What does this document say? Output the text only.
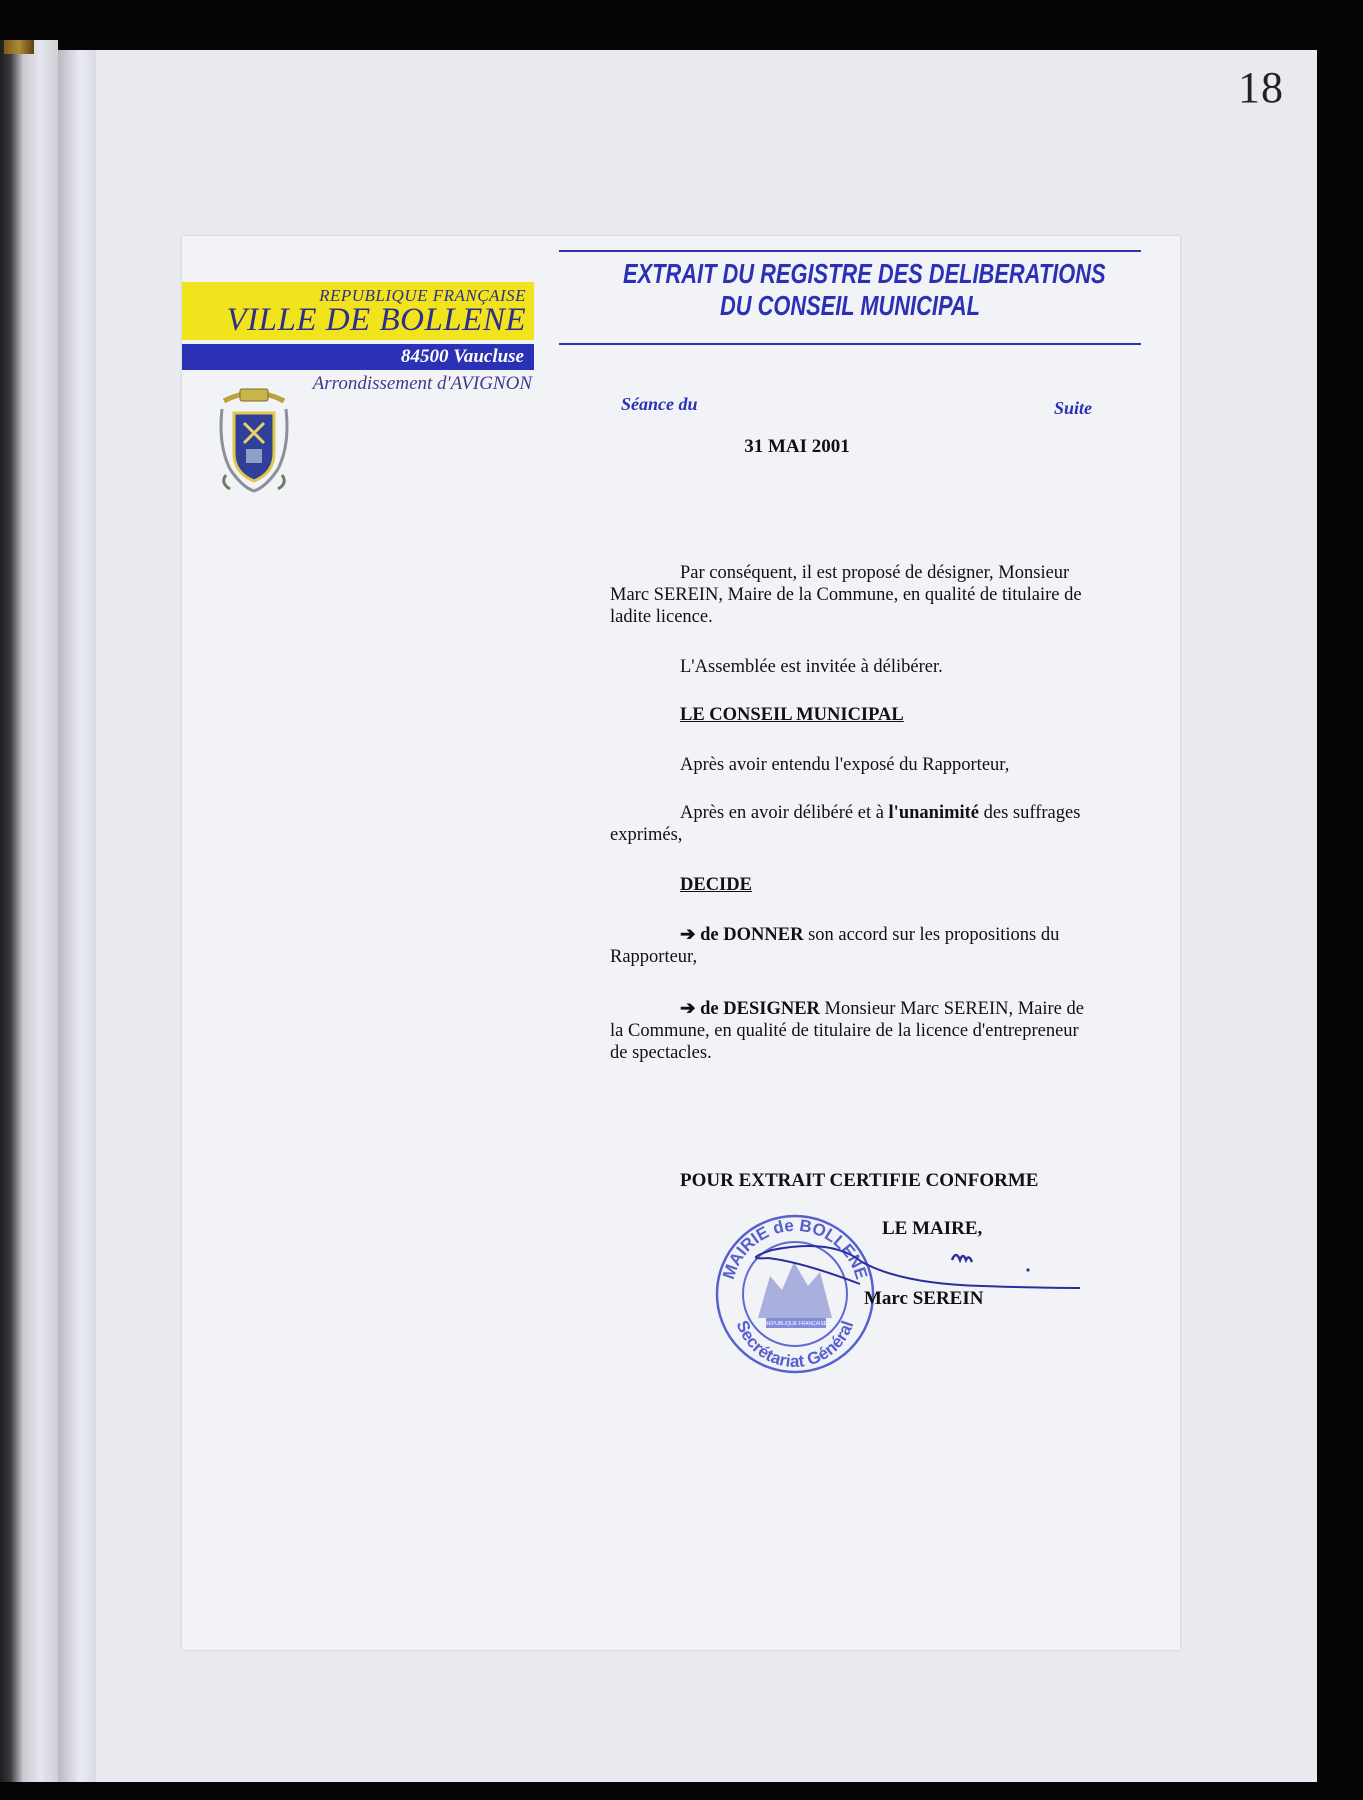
18
REPUBLIQUE FRANÇAISE
VILLE DE BOLLENE
84500 Vaucluse
Arrondissement d'AVIGNON
EXTRAIT DU REGISTRE DES DELIBERATIONS
DU CONSEIL MUNICIPAL
Séance du	Suite
31 MAI 2001
Par conséquent, il est proposé de désigner, Monsieur
Marc SEREIN, Maire de la Commune, en qualité de titulaire de
ladite licence.
L'Assemblée est invitée à délibérer.
LE CONSEIL MUNICIPAL
Après avoir entendu l'exposé du Rapporteur,
Après en avoir délibéré et à l'unanimité des suffrages
exprimés,
DECIDE
➔ de DONNER son accord sur les propositions du
Rapporteur,
➔ de DESIGNER Monsieur Marc SEREIN, Maire de
la Commune, en qualité de titulaire de la licence d'entrepreneur
de spectacles.
POUR EXTRAIT CERTIFIE CONFORME
MAIRIE de BOLLENE
Secrétariat Général
REPUBLIQUE FRANÇAISE
LE MAIRE,
Marc SEREIN
